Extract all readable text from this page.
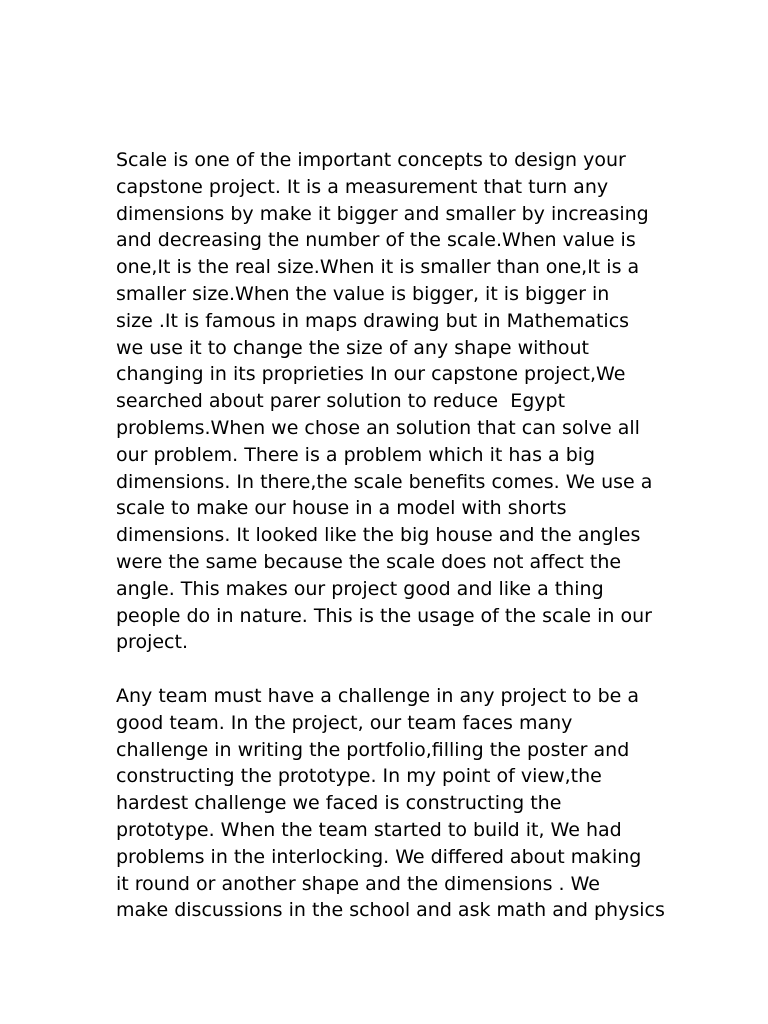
Scale is one of the important concepts to design your
capstone project. It is a measurement that turn any
dimensions by make it bigger and smaller by increasing
and decreasing the number of the scale.When value is
one,It is the real size.When it is smaller than one,It is a
smaller size.When the value is bigger, it is bigger in
size .It is famous in maps drawing but in Mathematics
we use it to change the size of any shape without
changing in its proprieties In our capstone project,We
searched about parer solution to reduce  Egypt
problems.When we chose an solution that can solve all
our problem. There is a problem which it has a big
dimensions. In there,the scale benefits comes. We use a
scale to make our house in a model with shorts
dimensions. It looked like the big house and the angles
were the same because the scale does not affect the
angle. This makes our project good and like a thing
people do in nature. This is the usage of the scale in our
project.
Any team must have a challenge in any project to be a
good team. In the project, our team faces many
challenge in writing the portfolio,filling the poster and
constructing the prototype. In my point of view,the
hardest challenge we faced is constructing the
prototype. When the team started to build it, We had
problems in the interlocking. We differed about making
it round or another shape and the dimensions . We
make discussions in the school and ask math and physics
